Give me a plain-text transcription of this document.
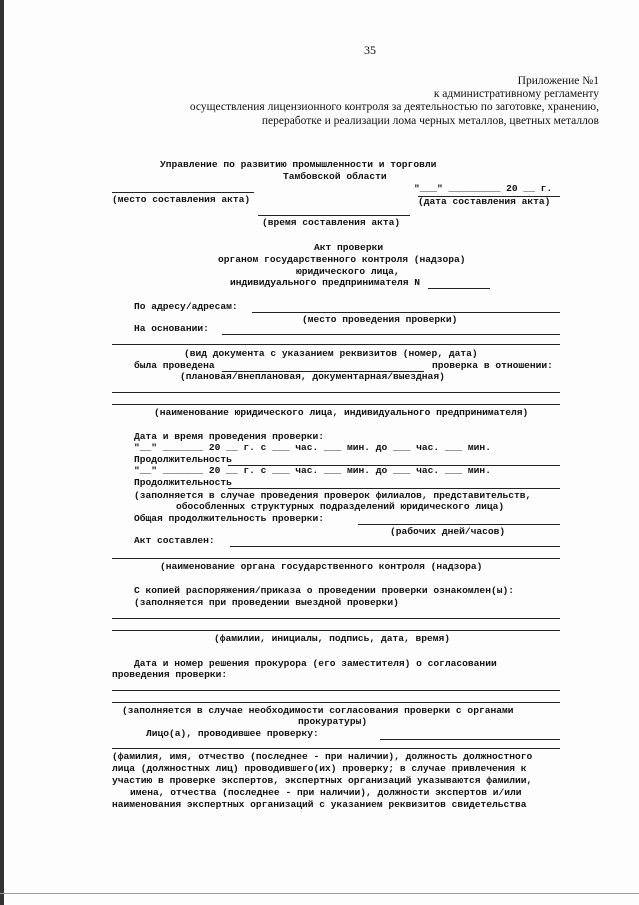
35
Приложение №1
к административному регламенту
осуществления лицензионного контроля за деятельностью по заготовке, хранению,
переработке и реализации лома черных металлов, цветных металлов
Управление по развитию промышленности и торговли
Тамбовской области
"___" _________ 20 __ г.
(место составления акта)	(дата составления акта)
(время составления акта)
Акт проверки
органом государственного контроля (надзора)
юридического лица,
индивидуального предпринимателя N
По адресу/адресам:
(место проведения проверки)
На основании:
(вид документа с указанием реквизитов (номер, дата)
была проведена	проверка в отношении:
(плановая/внеплановая, документарная/выездная)
(наименование юридического лица, индивидуального предпринимателя)
Дата и время проведения проверки:
"__" _______ 20 __ г. с ___ час. ___ мин. до ___ час. ___ мин.
Продолжительность
"__" _______ 20 __ г. с ___ час. ___ мин. до ___ час. ___ мин.
Продолжительность
(заполняется в случае проведения проверок филиалов, представительств,
обособленных структурных подразделений юридического лица)
Общая продолжительность проверки:
(рабочих дней/часов)
Акт составлен:
(наименование органа государственного контроля (надзора)
С копией распоряжения/приказа о проведении проверки ознакомлен(ы):
(заполняется при проведении выездной проверки)
(фамилии, инициалы, подпись, дата, время)
Дата и номер решения прокурора (его заместителя) о согласовании
проведения проверки:
(заполняется в случае необходимости согласования проверки с органами
прокуратуры)
Лицо(а), проводившее проверку:
(фамилия, имя, отчество (последнее - при наличии), должность должностного
лица (должностных лиц) проводившего(их) проверку; в случае привлечения к
участию в проверке экспертов, экспертных организаций указываются фамилии,
имена, отчества (последнее - при наличии), должности экспертов и/или
наименования экспертных организаций с указанием реквизитов свидетельства
